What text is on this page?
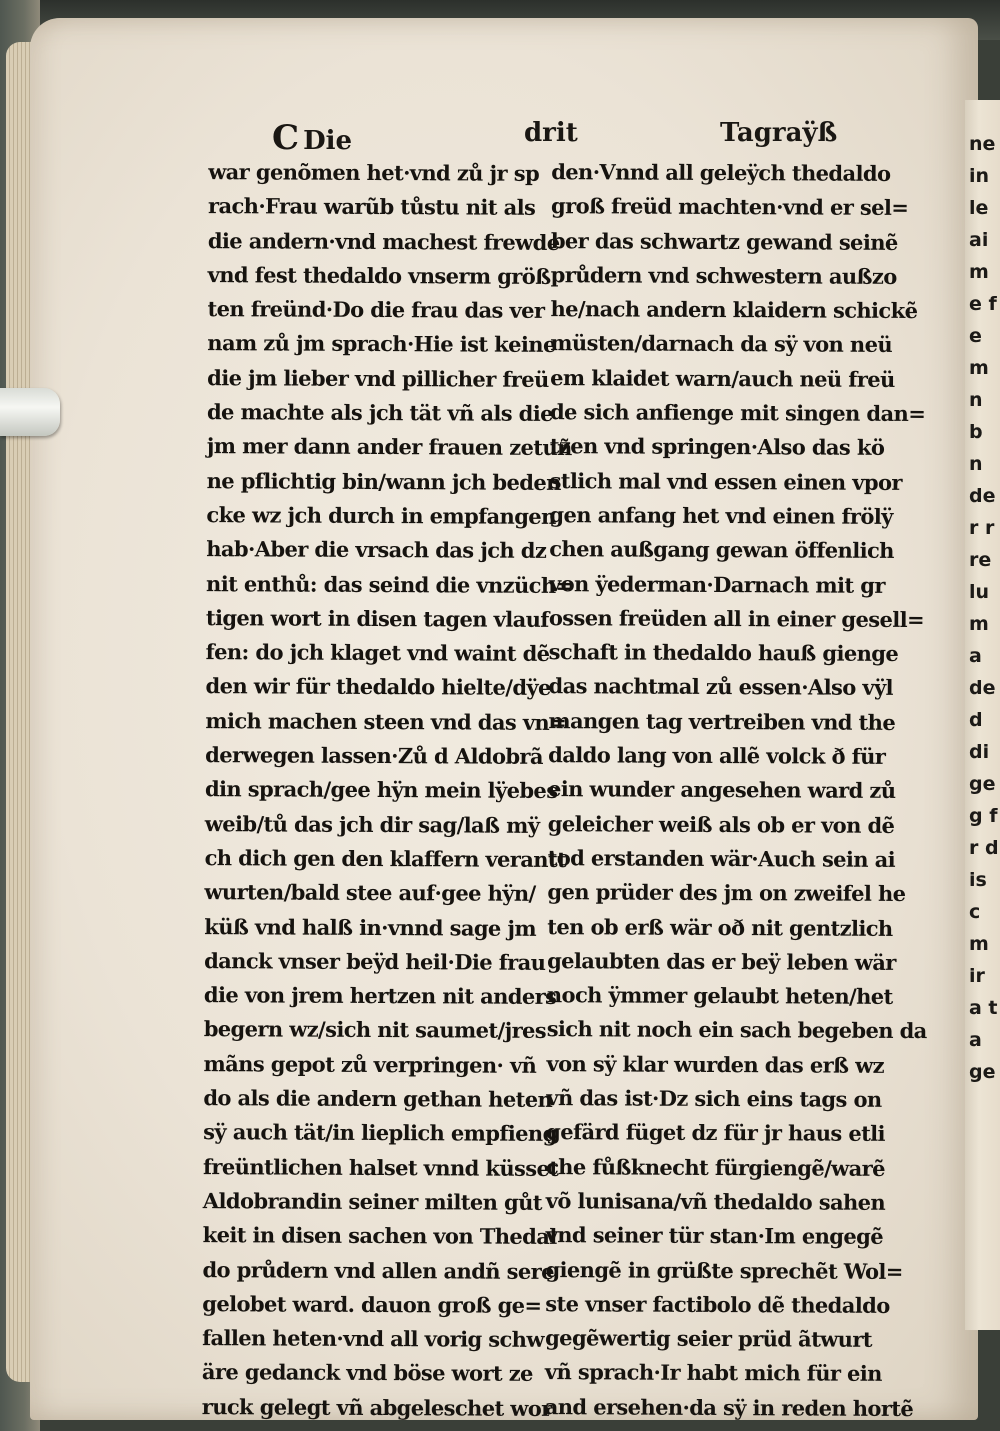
ne in le ai m e fe m n b n de r r re lu m a de d di ge g fr dis c m ir a ta ge
C Die	drit	Tagraÿß
war genõmen het·vnd zů jr sp
rach·Frau warũb tůstu nit als
die andern·vnd machest frewde
vnd fest thedaldo vnserm größ
ten freünd·Do die frau das ver
nam zů jm sprach·Hie ist keine
die jm lieber vnd pillicher freü
de machte als jch tät vñ als die
jm mer dann ander frauen zetuñ
ne pflichtig bin/wann jch beden
cke wz jch durch in empfangen
hab·Aber die vrsach das jch dz
nit enthů: das seind die vnzüch=
tigen wort in disen tagen vlauf
fen: do jch klaget vnd waint dẽ
den wir für thedaldo hielte/dÿe
mich machen steen vnd das vn=
derwegen lassen·Zů d Aldobrã
din sprach/gee hÿn mein lÿebes
weib/tů das jch dir sag/laß mÿ
ch dich gen den klaffern verantt
wurten/bald stee auf·gee hÿn/
küß vnd halß in·vnnd sage jm
danck vnser beÿd heil·Die frau
die von jrem hertzen nit anders
begern wz/sich nit saumet/jres
mãns gepot zů verpringen· vñ
do als die andern gethan heten
sÿ auch tät/in lieplich empfieng
freüntlichen halset vnnd küsset
Aldobrandin seiner milten gůt
keit in disen sachen von Thedal
do průdern vnd allen andñ sere
gelobet ward. dauon groß ge=
fallen heten·vnd all vorig schw
äre gedanck vnd böse wort ze
ruck gelegt vñ abgeleschet wor
den·Vnnd all geleÿch thedaldo
groß freüd machten·vnd er sel=
ber das schwartz gewand seinẽ
průdern vnd schwestern außzo
he/nach andern klaidern schickẽ
müsten/darnach da sÿ von neü
em klaidet warn/auch neü freü
de sich anfienge mit singen dan=
tzen vnd springen·Also das kö
stlich mal vnd essen einen vpor
gen anfang het vnd einen frölÿ
chen außgang gewan öffenlich
von ÿederman·Darnach mit gr
ossen freüden all in einer gesell=
schaft in thedaldo hauß gienge
das nachtmal zů essen·Also vÿl
mangen tag vertreiben vnd the
daldo lang von allẽ volck ð für
ein wunder angesehen ward zů
geleicher weiß als ob er von dẽ
tod erstanden wär·Auch sein ai
gen prüder des jm on zweifel he
ten ob erß wär oð nit gentzlich
gelaubten das er beÿ leben wär
noch ÿmmer gelaubt heten/het
sich nit noch ein sach begeben da
von sÿ klar wurden das erß wz
vñ das ist·Dz sich eins tags on
gefärd füget dz für jr haus etli
che fůßknecht fürgiengẽ/warẽ
võ lunisana/vñ thedaldo sahen
vnd seiner tür stan·Im engegẽ
giengẽ in grüßte sprechẽt Wol=
ste vnser factibolo dẽ thedaldo
gegẽwertig seier prüd ãtwurt
vñ sprach·Ir habt mich für ein
and ersehen·da sÿ in reden hortẽ
